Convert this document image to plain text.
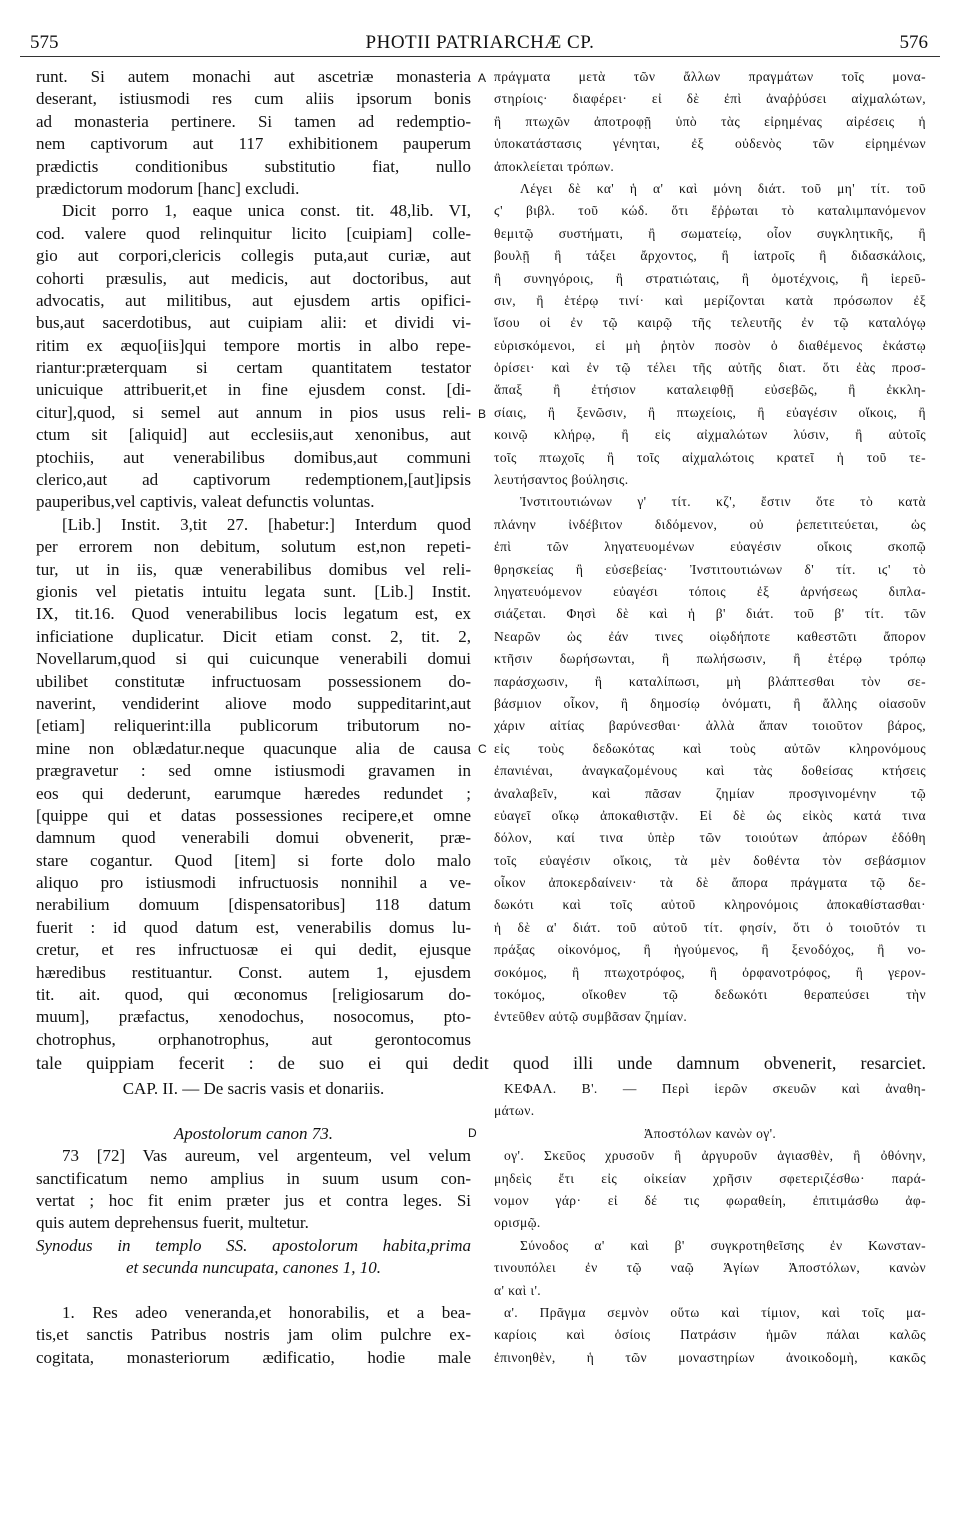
575	PHOTII PATRIARCHÆ CP.	576
A
B
C
D
runt. Si autem monachi aut ascetriæ monasteria
deserant, istiusmodi res cum aliis ipsorum bonis
ad monasteria pertinere. Si tamen ad redemptio-
nem captivorum aut 117 exhibitionem pauperum
prædictis conditionibus substitutio fiat, nullo
prædictorum modorum [hanc] excludi.
Dicit porro 1, eaque unica const. tit. 48,lib. VI,
cod. valere quod relinquitur licito [cuipiam] colle-
gio aut corpori,clericis collegis puta,aut curiæ, aut
cohorti præsulis, aut medicis, aut doctoribus, aut
advocatis, aut militibus, aut ejusdem artis opifici-
bus,aut sacerdotibus, aut cuipiam alii: et dividi vi-
ritim ex æquo[iis]qui tempore mortis in albo repe-
riantur:præterquam si certam quantitatem testator
unicuique attribuerit,et in fine ejusdem const. [di-
citur],quod, si semel aut annum in pios usus reli-
ctum sit [aliquid] aut ecclesiis,aut xenonibus, aut
ptochiis, aut venerabilibus domibus,aut communi
clerico,aut ad captivorum redemptionem,[aut]ipsis
pauperibus,vel captivis, valeat defunctis voluntas.
[Lib.] Instit. 3,tit 27. [habetur:] Interdum quod
per errorem non debitum, solutum est,non repeti-
tur, ut in iis, quæ venerabilibus domibus vel reli-
gionis vel pietatis intuitu legata sunt. [Lib.] Instit.
IX, tit.16. Quod venerabilibus locis legatum est, ex
inficiatione duplicatur. Dicit etiam const. 2, tit. 2,
Novellarum,quod si qui cuicunque venerabili domui
ubilibet constitutæ infructuosam possessionem do-
naverint, vendiderint aliove modo suppeditarint,aut
[etiam] reliquerint:illa publicorum tributorum no-
mine non oblædatur.neque quacunque alia de causa
prægravetur : sed omne istiusmodi gravamen in
eos qui dederunt, earumque hæredes redundet ;
[quippe qui et datas possessiones recipere,et omne
damnum quod venerabili domui obvenerit, præ-
stare cogantur. Quod [item] si forte dolo malo
aliquo pro istiusmodi infructuosis nonnihil a ve-
nerabilium domuum [dispensatoribus] 118 datum
fuerit : id quod datum est, venerabilis domus lu-
cretur, et res infructuosæ ei qui dedit, ejusque
hæredibus restituantur. Const. autem 1, ejusdem
tit. ait. quod, qui œconomus [religiosarum do-
muum], præfactus, xenodochus, nosocomus, pto-
chotrophus, orphanotrophus, aut gerontocomus
πράγματα μετὰ τῶν ἄλλων πραγμάτων τοῖς μονα-
στηρίοις· διαφέρει· εἰ δὲ ἐπὶ ἀναῤῥύσει αἰχμαλώτων,
ἢ πτωχῶν ἀποτροφῇ ὑπὸ τὰς εἰρημένας αἱρέσεις ἡ
ὑποκατάστασις γένηται, ἐξ οὐδενὸς τῶν εἰρημένων
ἀποκλείεται τρόπων.
Λέγει δὲ κα' ἡ α' καὶ μόνη διάτ. τοῦ μη' τίτ. τοῦ
ϛ' βιβλ. τοῦ κώδ. ὅτι ἔῤῥωται τὸ καταλιμπανόμενον
θεμιτῷ συστήματι, ἢ σωματείῳ, οἷον συγκλητικῆς, ἢ
βουλῇ ἢ τάξει ἄρχοντος, ἢ ἰατροῖς ἢ διδασκάλοις,
ἢ συνηγόροις, ἢ στρατιώταις, ἢ ὁμοτέχνοις, ἢ ἱερεῦ-
σιν, ἢ ἑτέρῳ τινί· καὶ μερίζονται κατὰ πρόσωπον ἐξ
ἴσου οἱ ἐν τῷ καιρῷ τῆς τελευτῆς ἐν τῷ καταλόγῳ
εὑρισκόμενοι, εἰ μὴ ῥητὸν ποσὸν ὁ διαθέμενος ἑκάστῳ
ὁρίσει· καὶ ἐν τῷ τέλει τῆς αὐτῆς διατ. ὅτι ἐὰς προσ-
ἅπαξ ἢ ἐτήσιον καταλειφθῇ εὐσεβῶς, ἢ ἐκκλη-
σίαις, ἢ ξενῶσιν, ἢ πτωχείοις, ἢ εὐαγέσιν οἴκοις, ἢ
κοινῷ κλήρῳ, ἢ εἰς αἰχμαλώτων λύσιν, ἢ αὐτοῖς
τοῖς πτωχοῖς ἢ τοῖς αἰχμαλώτοις κρατεῖ ἡ τοῦ τε-
λευτήσαντος βούλησις.
Ἰνστιτουτιώνων γ' τίτ. κζ', ἔστιν ὅτε τὸ κατὰ
πλάνην ἰνδέβιτον διδόμενον, οὐ ῥεπετιτεύεται, ὡς
ἐπὶ τῶν ληγατευομένων εὐαγέσιν οἴκοις σκοπῷ
θρησκείας ἢ εὐσεβείας· Ἰνστιτουτιώνων δ' τίτ. ιϛ' τὸ
ληγατευόμενον εὐαγέσι τόποις ἐξ ἀρνήσεως διπλα-
σιάζεται. Φησὶ δὲ καὶ ἡ β' διάτ. τοῦ β' τίτ. τῶν
Νεαρῶν ὡς ἐάν τινες οἱῳδήποτε καθεστῶτι ἄπορον
κτῆσιν δωρήσωνται, ἢ πωλήσωσιν, ἢ ἑτέρῳ τρόπῳ
παράσχωσιν, ἢ καταλίπωσι, μὴ βλάπτεσθαι τὸν σε-
βάσμιον οἶκον, ἢ δημοσίῳ ὀνόματι, ἢ ἄλλης οἱασοῦν
χάριν αἰτίας βαρύνεσθαι· ἀλλὰ ἅπαν τοιοῦτον βάρος,
εἰς τοὺς δεδωκότας καὶ τοὺς αὐτῶν κληρονόμους
ἐπανιέναι, ἀναγκαζομένους καὶ τὰς δοθείσας κτήσεις
ἀναλαβεῖν, καὶ πᾶσαν ζημίαν προσγινομένην τῷ
εὐαγεῖ οἴκῳ ἀποκαθιστᾷν. Εἰ δὲ ὡς εἰκὸς κατά τινα
δόλον, καί τινα ὑπὲρ τῶν τοιούτων ἀπόρων ἐδόθη
τοῖς εὐαγέσιν οἴκοις, τὰ μὲν δοθέντα τὸν σεβάσμιον
οἶκον ἀποκερδαίνειν· τὰ δὲ ἄπορα πράγματα τῷ δε-
δωκότι καὶ τοῖς αὐτοῦ κληρονόμοις ἀποκαθίστασθαι·
ἡ δὲ α' διάτ. τοῦ αὐτοῦ τίτ. φησίν, ὅτι ὁ τοιοῦτόν τι
πράξας οἰκονόμος, ἢ ἡγούμενος, ἢ ξενοδόχος, ἢ νο-
σοκόμος, ἢ πτωχοτρόφος, ἢ ὀρφανοτρόφος, ἢ γερον-
τοκόμος, οἴκοθεν τῷ δεδωκότι θεραπεύσει τὴν
ἐντεῦθεν αὐτῷ συμβᾶσαν ζημίαν.
tale quippiam fecerit : de suo ei qui dedit quod illi unde damnum obvenerit, resarciet.
CAP. II. — De sacris vasis et donariis.
Apostolorum canon 73.
73 [72] Vas aureum, vel argenteum, vel velum
sanctificatum nemo amplius in suum usum con-
vertat ; hoc fit enim præter jus et contra leges. Si
quis autem deprehensus fuerit, multetur.
Synodus in templo SS. apostolorum habita,prima
et secunda nuncupata, canones 1, 10.
1. Res adeo veneranda,et honorabilis, et a bea-
tis,et sanctis Patribus nostris jam olim pulchre ex-
cogitata, monasteriorum ædificatio, hodie male
ΚΕΦΑΛ. Β'. — Περὶ ἱερῶν σκευῶν καὶ ἀναθη-
μάτων.
Ἀποστόλων κανὼν ογ'.
ογ'. Σκεῦος χρυσοῦν ἢ ἀργυροῦν ἁγιασθὲν, ἢ ὀθόνην,
μηδεὶς ἔτι εἰς οἰκείαν χρῆσιν σφετεριζέσθω· παρά-
νομον γάρ· εἰ δέ τις φωραθείη, ἐπιτιμάσθω ἀφ-
ορισμῷ.
Σύνοδος α' καὶ β' συγκροτηθεῖσης ἐν Κωνσταν-
τινουπόλει ἐν τῷ ναῷ Ἁγίων Ἀποστόλων, κανὼν
α' καὶ ι'.
α'. Πρᾶγμα σεμνὸν οὕτω καὶ τίμιον, καὶ τοῖς μα-
καρίοις καὶ ὁσίοις Πατράσιν ἡμῶν πάλαι καλῶς
ἐπινοηθὲν, ἡ τῶν μοναστηρίων ἀνοικοδομὴ, κακῶς
